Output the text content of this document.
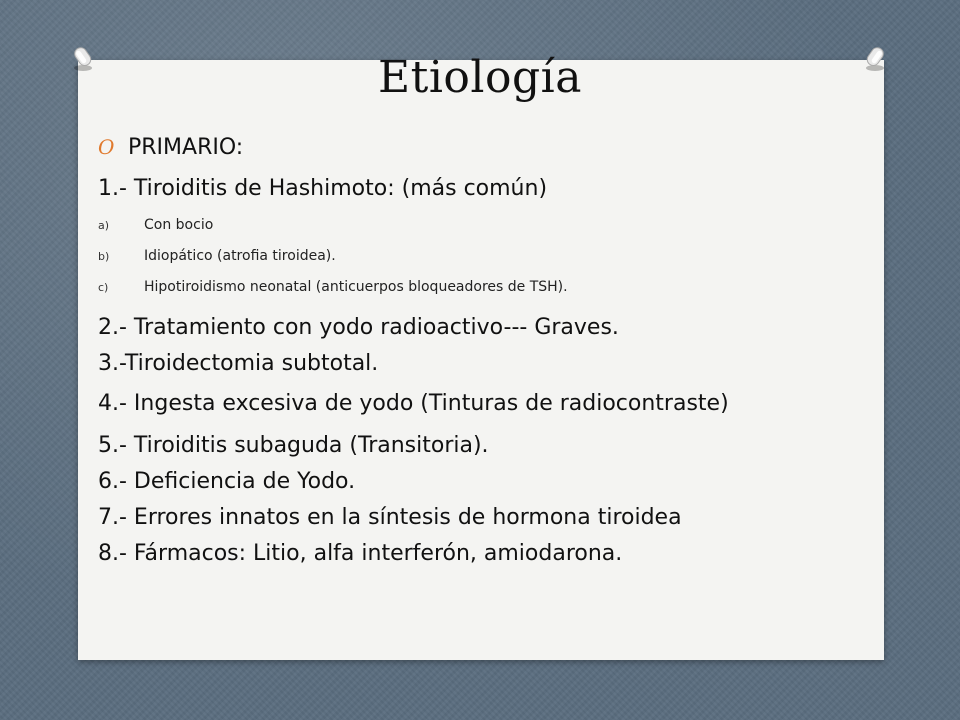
Etiología
O PRIMARIO:
1.- Tiroiditis de Hashimoto: (más común)
a)	Con bocio
b)	Idiopático (atrofia tiroidea).
c)	Hipotiroidismo neonatal (anticuerpos bloqueadores de TSH).
2.- Tratamiento con yodo radioactivo--- Graves.
3.-Tiroidectomia subtotal.
4.- Ingesta excesiva de yodo (Tinturas de radiocontraste)
5.- Tiroiditis subaguda (Transitoria).
6.- Deficiencia de Yodo.
7.- Errores innatos en la síntesis de hormona tiroidea
8.- Fármacos: Litio, alfa interferón, amiodarona.
